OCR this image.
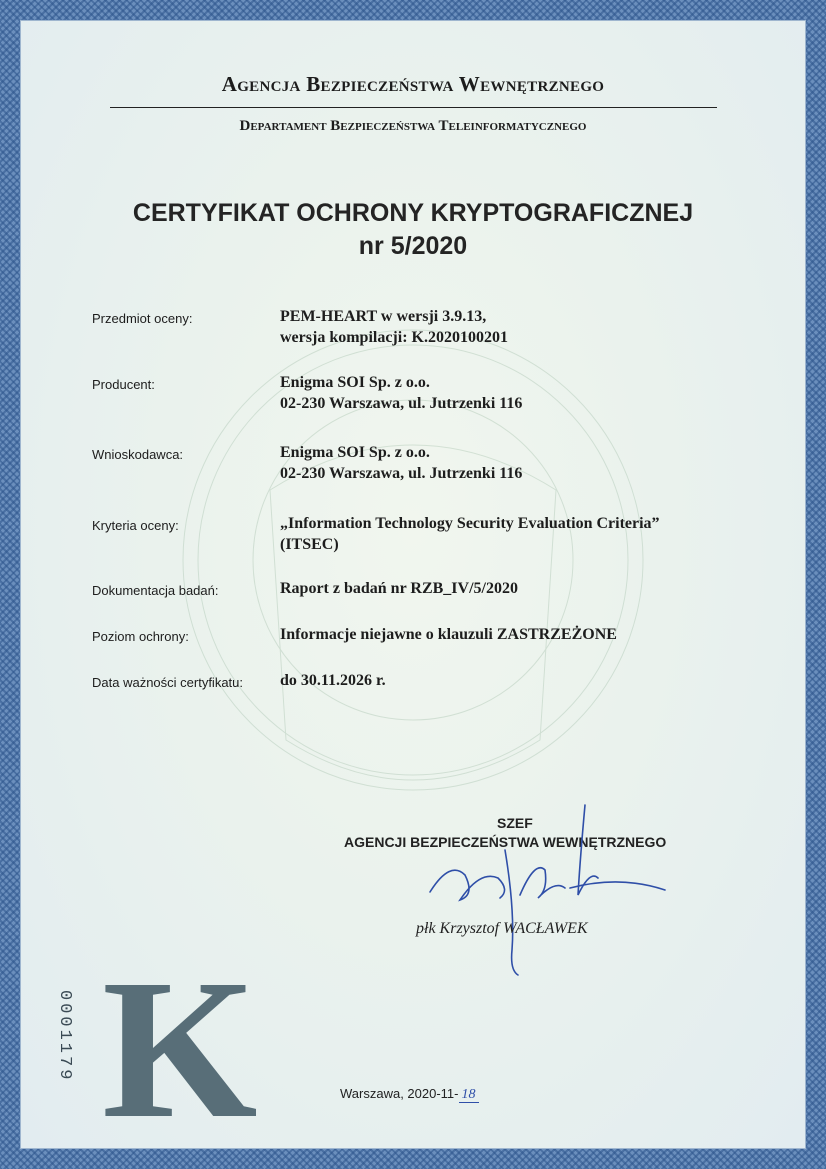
Agencja Bezpieczeństwa Wewnętrznego
Departament Bezpieczeństwa Teleinformatycznego
CERTYFIKAT OCHRONY KRYPTOGRAFICZNEJ
nr 5/2020
Przedmiot oceny:	PEM-HEART w wersji 3.9.13,
wersja kompilacji: K.2020100201
Producent:	Enigma SOI Sp. z o.o.
02-230 Warszawa, ul. Jutrzenki 116
Wnioskodawca:	Enigma SOI Sp. z o.o.
02-230 Warszawa, ul. Jutrzenki 116
Kryteria oceny:	„Information Technology Security Evaluation Criteria”
(ITSEC)
Dokumentacja badań:	Raport z badań nr RZB_IV/5/2020
Poziom ochrony:	Informacje niejawne o klauzuli ZASTRZEŻONE
Data ważności certyfikatu: do 30.11.2026 r.
SZEF
AGENCJI BEZPIECZEŃSTWA WEWNĘTRZNEGO
płk Krzysztof WACŁAWEK
K
0001179
Warszawa, 2020-11- 18
